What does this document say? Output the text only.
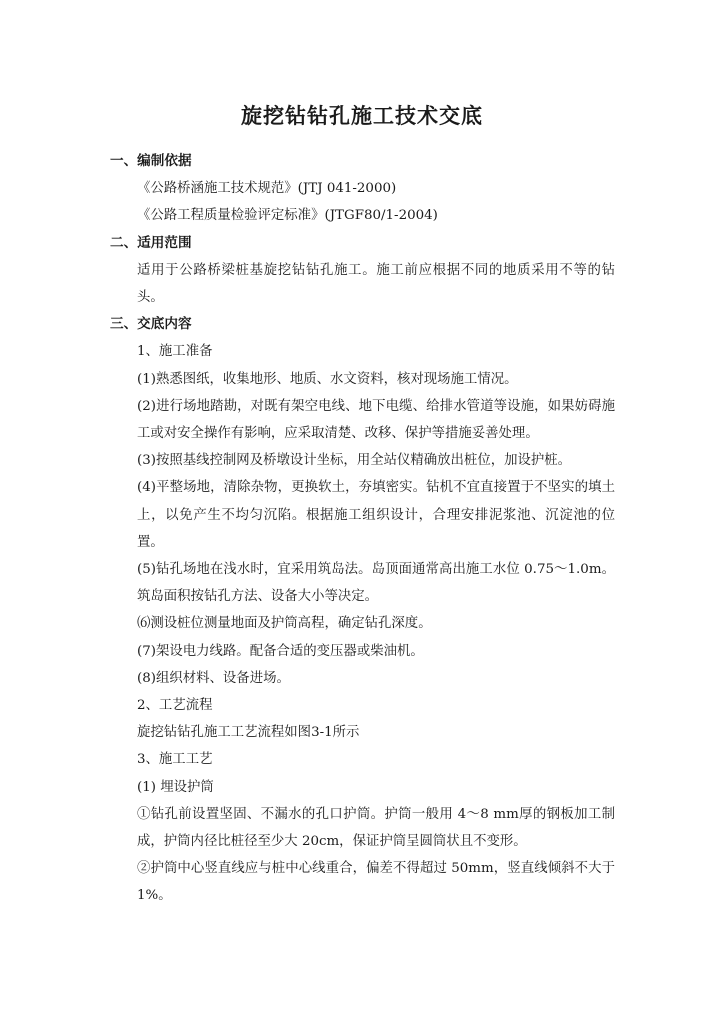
旋挖钻钻孔施工技术交底

一、编制依据

《公路桥涵施工技术规范》(JTJ 041-2000)

《公路工程质量检验评定标准》(JTGF80/1-2004)

二、适用范围

适用于公路桥梁桩基旋挖钻钻孔施工。施工前应根据不同的地质采用不等的钻头。

三、交底内容

1、施工准备

(1)熟悉图纸，收集地形、地质、水文资料，核对现场施工情况。

(2)进行场地踏勘，对既有架空电线、地下电缆、给排水管道等设施，如果妨碍施工或对安全操作有影响，应采取清楚、改移、保护等措施妥善处理。

(3)按照基线控制网及桥墩设计坐标，用全站仪精确放出桩位，加设护桩。

(4)平整场地，清除杂物，更换软土，夯填密实。钻机不宜直接置于不坚实的填土上，以免产生不均匀沉陷。根据施工组织设计，合理安排泥浆池、沉淀池的位置。

(5)钻孔场地在浅水时，宜采用筑岛法。岛顶面通常高出施工水位 0.75～1.0m。筑岛面积按钻孔方法、设备大小等决定。

⑹测设桩位测量地面及护筒高程，确定钻孔深度。

(7)架设电力线路。配备合适的变压器或柴油机。

(8)组织材料、设备进场。

2、工艺流程

旋挖钻钻孔施工工艺流程如图3-1所示

3、施工工艺

(1) 埋设护筒

①钻孔前设置坚固、不漏水的孔口护筒。护筒一般用 4～8 mm厚的钢板加工制成，护筒内径比桩径至少大 20cm，保证护筒呈圆筒状且不变形。

②护筒中心竖直线应与桩中心线重合，偏差不得超过 50mm，竖直线倾斜不大于 1%。
